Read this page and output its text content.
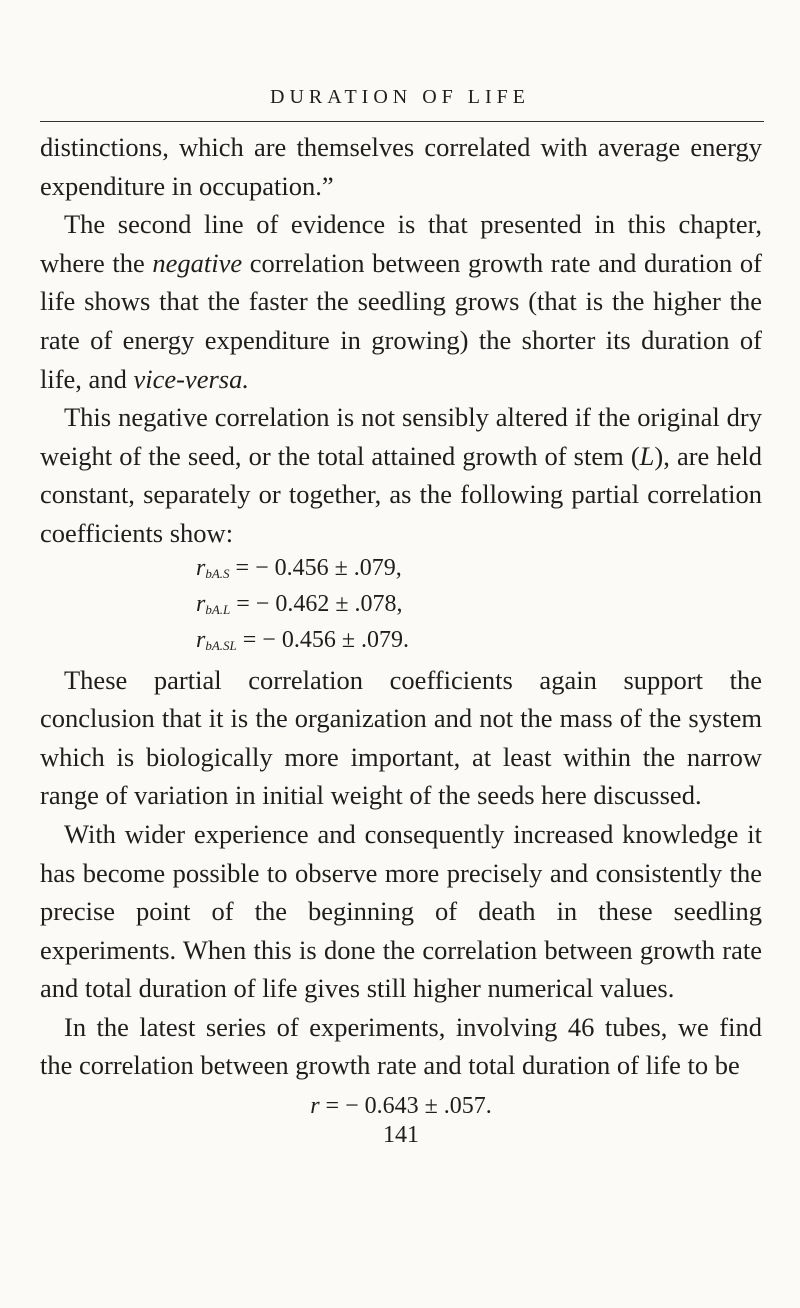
DURATION OF LIFE

distinctions, which are themselves correlated with average energy expenditure in occupation.”

The second line of evidence is that presented in this chapter, where the negative correlation between growth rate and duration of life shows that the faster the seedling grows (that is the higher the rate of energy expenditure in growing) the shorter its duration of life, and vice-versa.

This negative correlation is not sensibly altered if the original dry weight of the seed, or the total attained growth of stem (L), are held constant, separately or together, as the following partial correlation coefficients show:

$r_{bA.S}$ = − 0.456 ± .079,
$r_{bA.L}$ = − 0.462 ± .078,
$r_{bA.SL}$ = − 0.456 ± .079.

These partial correlation coefficients again support the conclusion that it is the organization and not the mass of the system which is biologically more important, at least within the narrow range of variation in initial weight of the seeds here discussed.

With wider experience and consequently increased knowledge it has become possible to observe more precisely and consistently the precise point of the beginning of death in these seedling experiments. When this is done the correlation between growth rate and total duration of life gives still higher numerical values.

In the latest series of experiments, involving 46 tubes, we find the correlation between growth rate and total duration of life to be

r = − 0.643 ± .057.
141
